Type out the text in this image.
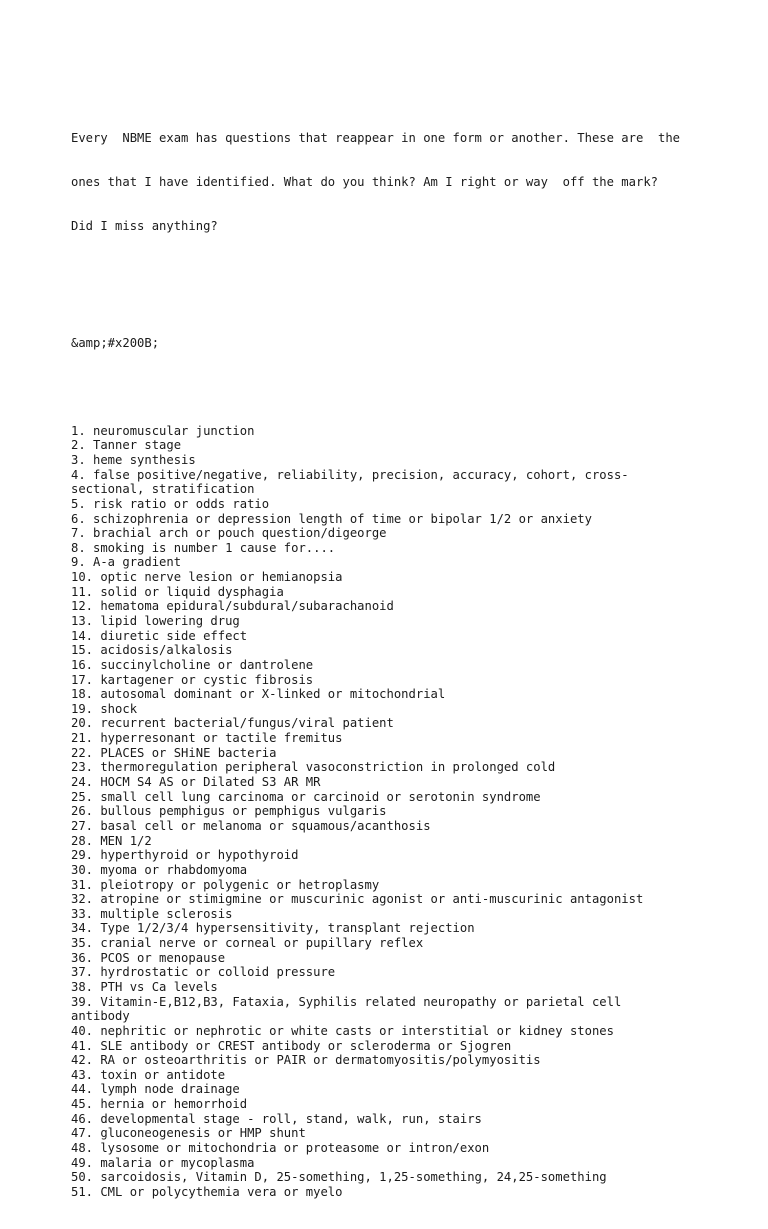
Every  NBME exam has questions that reappear in one form or another. These are  the

ones that I have identified. What do you think? Am I right or way  off the mark?

Did I miss anything?

&amp;#x200B;

1. neuromuscular junction
2. Tanner stage
3. heme synthesis
4. false positive/negative, reliability, precision, accuracy, cohort, cross-
sectional, stratification
5. risk ratio or odds ratio
6. schizophrenia or depression length of time or bipolar 1/2 or anxiety
7. brachial arch or pouch question/digeorge
8. smoking is number 1 cause for....
9. A-a gradient
10. optic nerve lesion or hemianopsia
11. solid or liquid dysphagia
12. hematoma epidural/subdural/subarachanoid
13. lipid lowering drug
14. diuretic side effect
15. acidosis/alkalosis
16. succinylcholine or dantrolene
17. kartagener or cystic fibrosis
18. autosomal dominant or X-linked or mitochondrial
19. shock
20. recurrent bacterial/fungus/viral patient
21. hyperresonant or tactile fremitus
22. PLACES or SHiNE bacteria
23. thermoregulation peripheral vasoconstriction in prolonged cold
24. HOCM S4 AS or Dilated S3 AR MR
25. small cell lung carcinoma or carcinoid or serotonin syndrome
26. bullous pemphigus or pemphigus vulgaris
27. basal cell or melanoma or squamous/acanthosis
28. MEN 1/2
29. hyperthyroid or hypothyroid
30. myoma or rhabdomyoma
31. pleiotropy or polygenic or hetroplasmy
32. atropine or stimigmine or muscurinic agonist or anti-muscurinic antagonist
33. multiple sclerosis
34. Type 1/2/3/4 hypersensitivity, transplant rejection
35. cranial nerve or corneal or pupillary reflex
36. PCOS or menopause
37. hyrdrostatic or colloid pressure
38. PTH vs Ca levels
39. Vitamin-E,B12,B3, Fataxia, Syphilis related neuropathy or parietal cell
antibody
40. nephritic or nephrotic or white casts or interstitial or kidney stones
41. SLE antibody or CREST antibody or scleroderma or Sjogren
42. RA or osteoarthritis or PAIR or dermatomyositis/polymyositis
43. toxin or antidote
44. lymph node drainage
45. hernia or hemorrhoid
46. developmental stage - roll, stand, walk, run, stairs
47. gluconeogenesis or HMP shunt
48. lysosome or mitochondria or proteasome or intron/exon
49. malaria or mycoplasma
50. sarcoidosis, Vitamin D, 25-something, 1,25-something, 24,25-something
51. CML or polycythemia vera or myelo
